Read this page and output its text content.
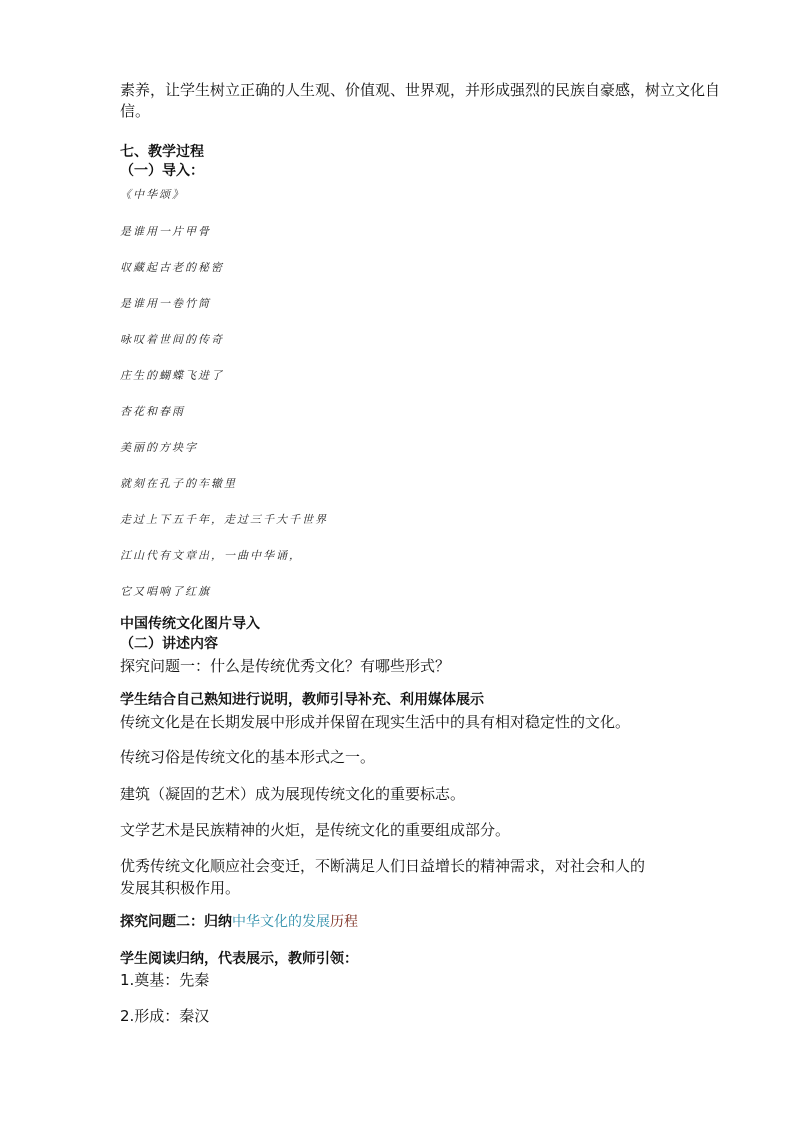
素养，让学生树立正确的人生观、价值观、世界观，并形成强烈的民族自豪感，树立文化自
信。
七、教学过程
（一）导入：
《中华颂》
是谁用一片甲骨
収藏起古老的秘密
是谁用一卷竹简
咏叹着世间的传奇
庄生的蝴蝶飞进了
杏花和春雨
美丽的方块字
就刻在孔子的车辙里
走过上下五千年，走过三千大千世界
江山代有文章出，一曲中华诵，
它又唱响了红旗
中国传统文化图片导入
（二）讲述内容
探究问题一：什么是传统优秀文化？有哪些形式？
学生结合自己熟知进行说明，教师引导补充、利用媒体展示
传统文化是在长期发展中形成并保留在现实生活中的具有相对稳定性的文化。
传统习俗是传统文化的基本形式之一。
建筑（凝固的艺术）成为展现传统文化的重要标志。
文学艺术是民族精神的火炬，是传统文化的重要组成部分。
优秀传统文化顺应社会变迁，不断满足人们日益增长的精神需求，对社会和人的
发展其积极作用。
探究问题二：归纳中华文化的发展历程
学生阅读归纳，代表展示，教师引领：
1.奠基：先秦
2.形成：秦汉
